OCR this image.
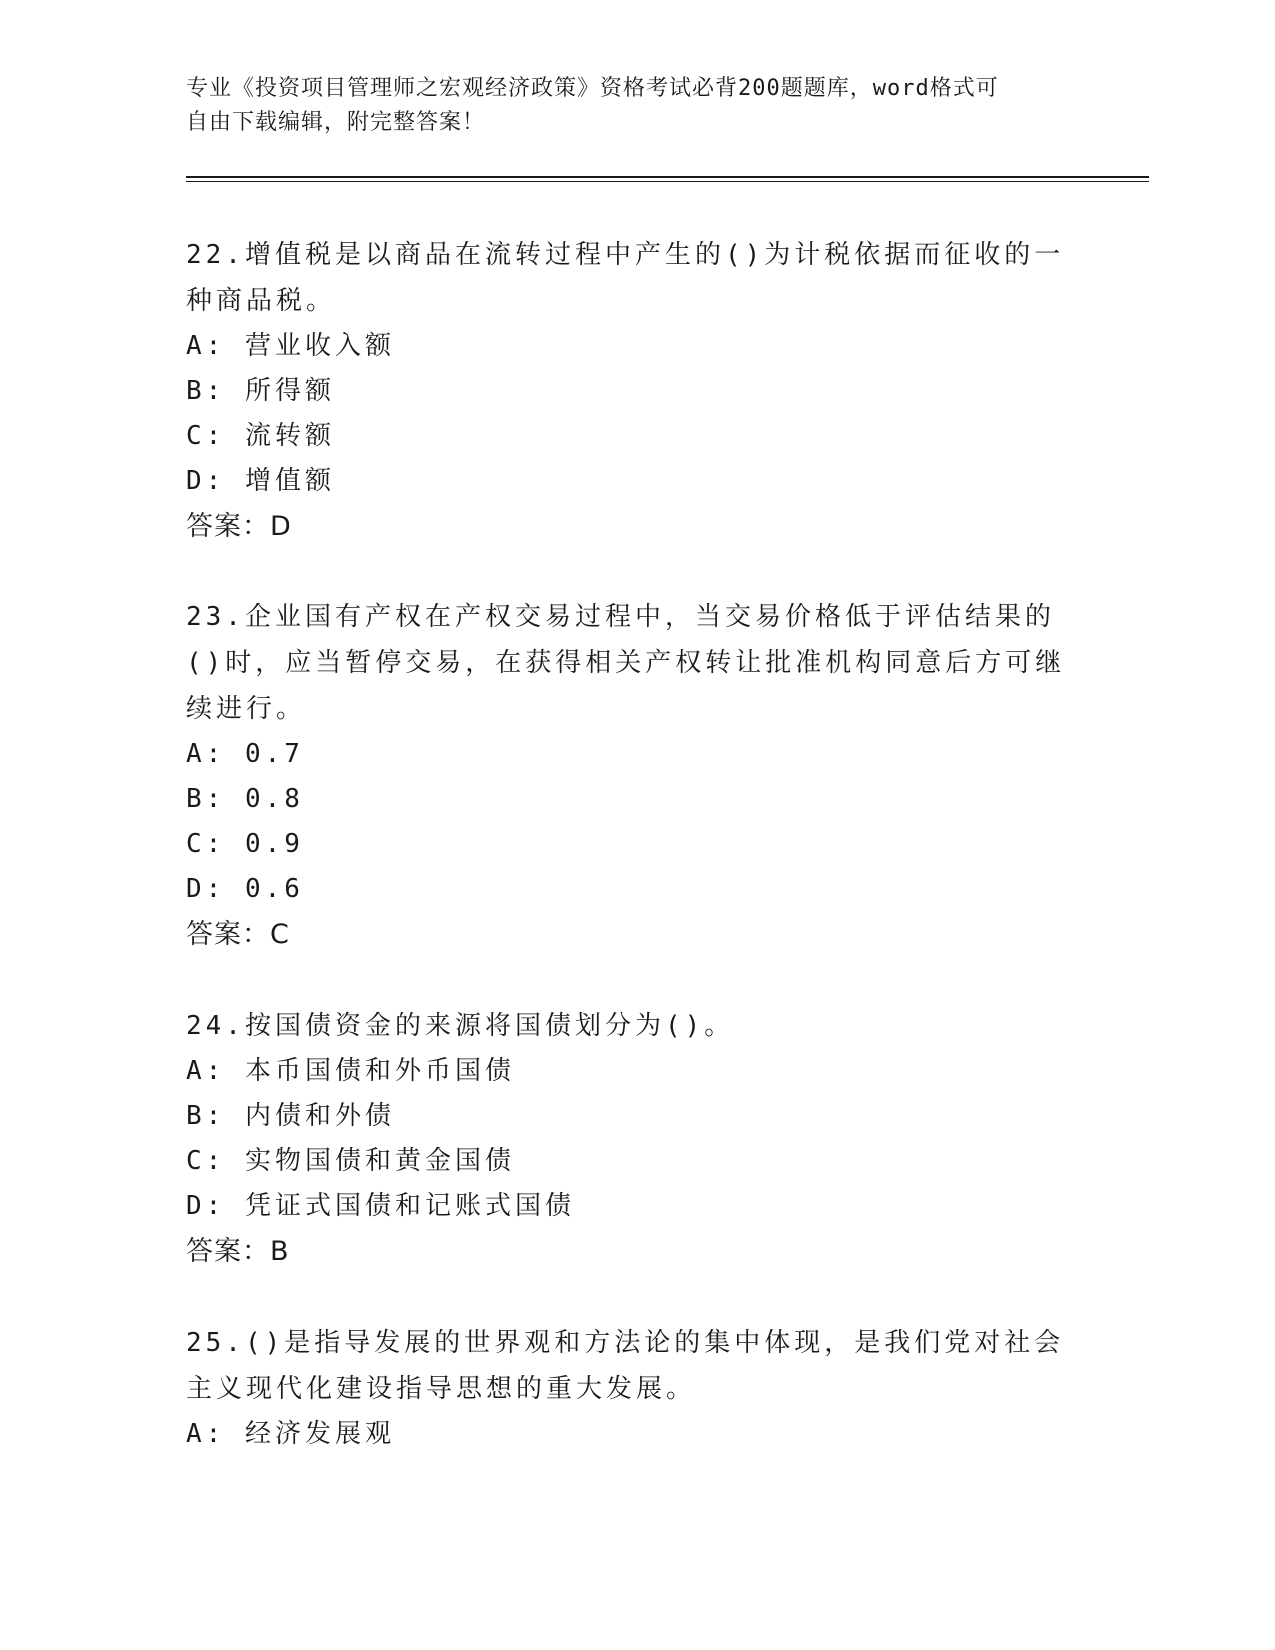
专业《投资项目管理师之宏观经济政策》资格考试必背200题题库，word格式可
自由下载编辑，附完整答案！

22.增值税是以商品在流转过程中产生的()为计税依据而征收的一种商品税。

A: 营业收入额

B: 所得额

C: 流转额

D: 增值额

答案：D

23.企业国有产权在产权交易过程中，当交易价格低于评估结果的()时，应当暂停交易，在获得相关产权转让批准机构同意后方可继续进行。

A: 0.7

B: 0.8

C: 0.9

D: 0.6

答案：C

24.按国债资金的来源将国债划分为()。

A: 本币国债和外币国债

B: 内债和外债

C: 实物国债和黄金国债

D: 凭证式国债和记账式国债

答案：B

25.()是指导发展的世界观和方法论的集中体现，是我们党对社会主义现代化建设指导思想的重大发展。

A: 经济发展观
